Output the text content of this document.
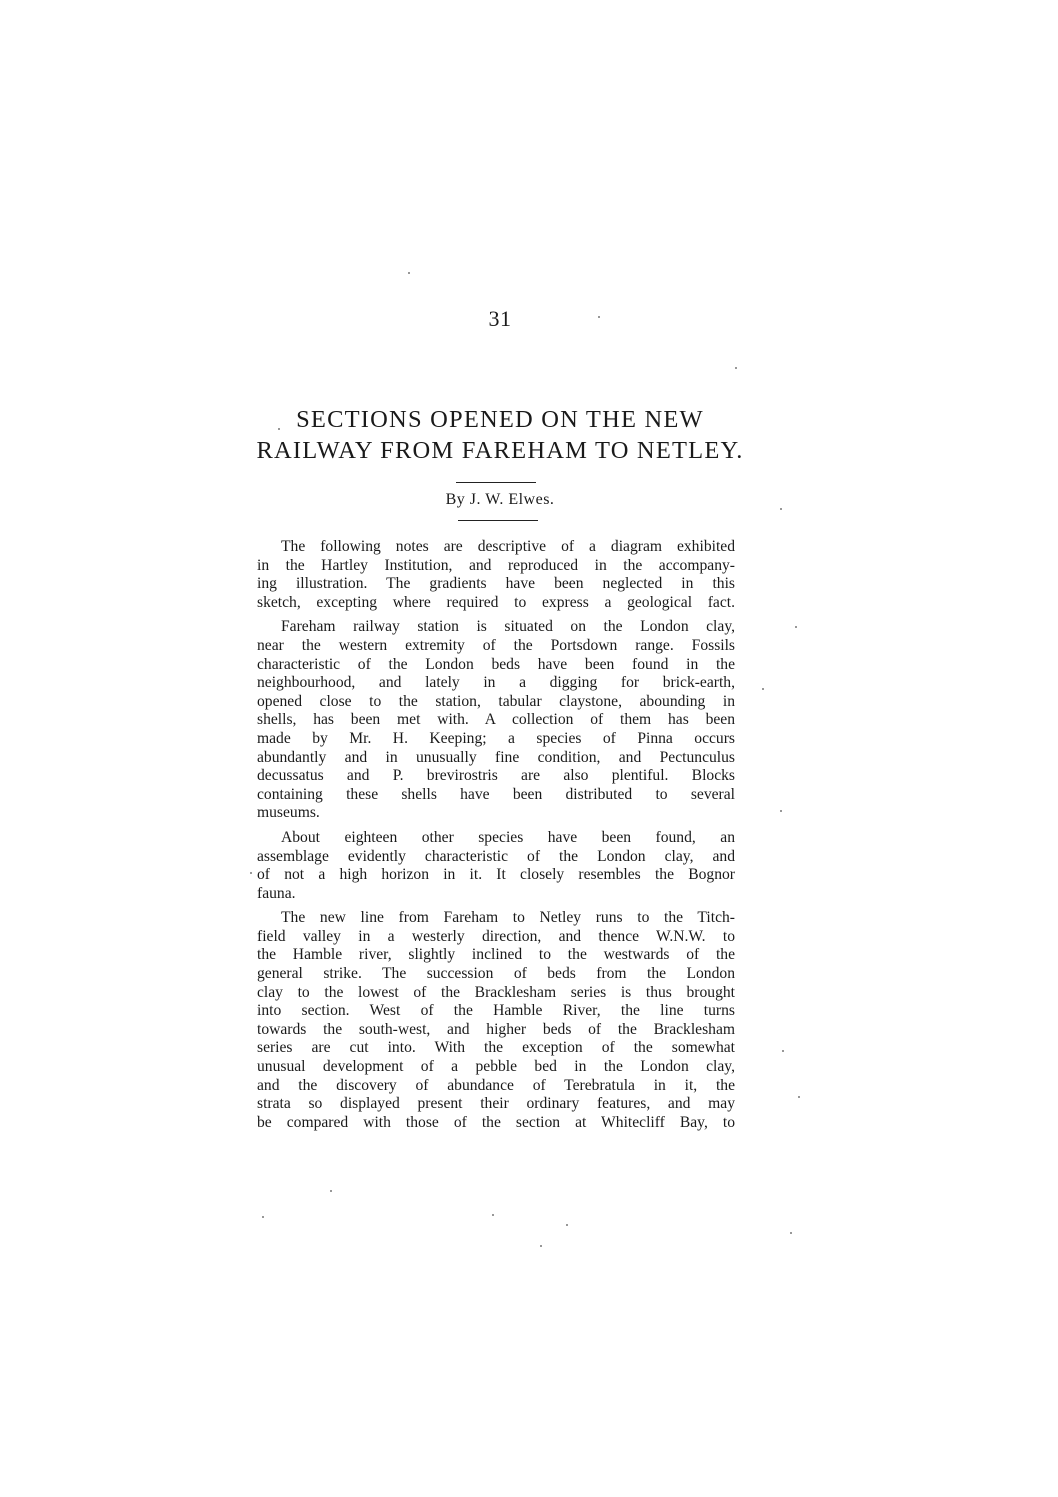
31
SECTIONS OPENED ON THE NEW
RAILWAY FROM FAREHAM TO NETLEY.
By J. W. Elwes.

The following notes are descriptive of a diagram exhibited
in the Hartley Institution, and reproduced in the accompany-
ing illustration. The gradients have been neglected in this
sketch, excepting where required to express a geological fact.

Fareham railway station is situated on the London clay,
near the western extremity of the Portsdown range. Fossils
characteristic of the London beds have been found in the
neighbourhood, and lately in a digging for brick-earth,
opened close to the station, tabular claystone, abounding in
shells, has been met with. A collection of them has been
made by Mr. H. Keeping; a species of Pinna occurs
abundantly and in unusually fine condition, and Pectunculus
decussatus and P. brevirostris are also plentiful. Blocks
containing these shells have been distributed to several
museums.

About eighteen other species have been found, an
assemblage evidently characteristic of the London clay, and
of not a high horizon in it. It closely resembles the Bognor
fauna.

The new line from Fareham to Netley runs to the Titch-
field valley in a westerly direction, and thence W.N.W. to
the Hamble river, slightly inclined to the westwards of the
general strike. The succession of beds from the London
clay to the lowest of the Bracklesham series is thus brought
into section. West of the Hamble River, the line turns
towards the south-west, and higher beds of the Bracklesham
series are cut into. With the exception of the somewhat
unusual development of a pebble bed in the London clay,
and the discovery of abundance of Terebratula in it, the
strata so displayed present their ordinary features, and may
be compared with those of the section at Whitecliff Bay, to
